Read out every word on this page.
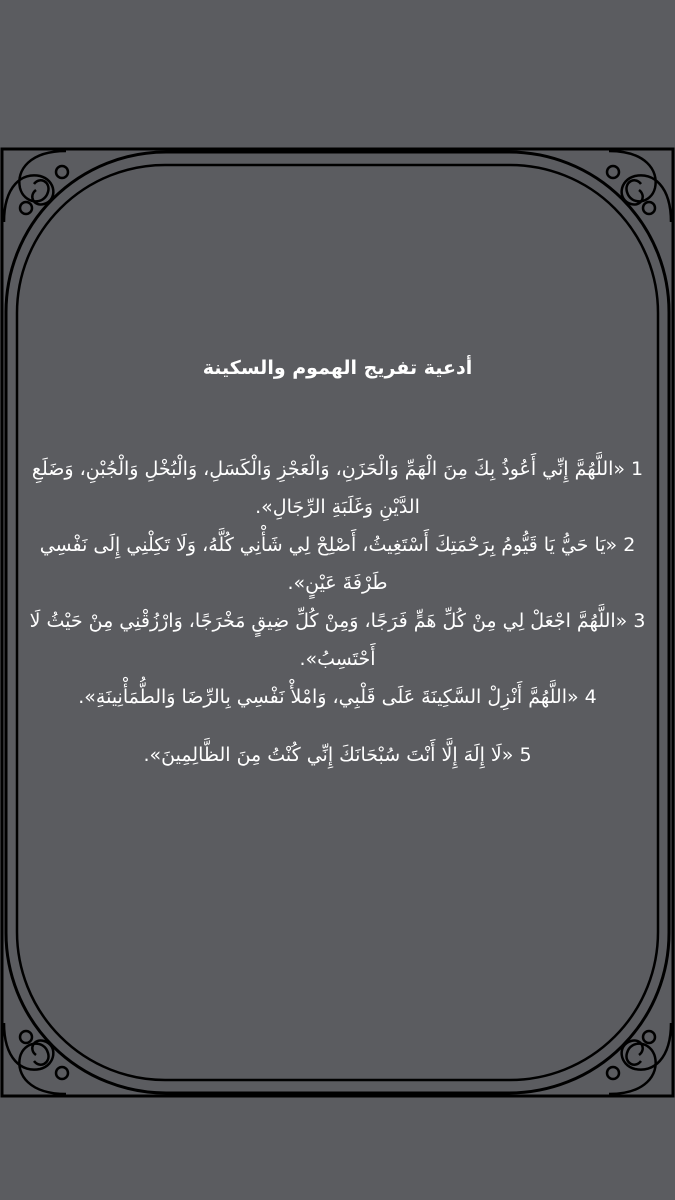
أدعية تفريج الهموم والسكينة

1 «اللَّهُمَّ إِنِّي أَعُوذُ بِكَ مِنَ الْهَمِّ وَالْحَزَنِ، وَالْعَجْزِ وَالْكَسَلِ، وَالْبُخْلِ وَالْجُبْنِ، وَضَلَعِ الدَّيْنِ وَغَلَبَةِ الرِّجَالِ».

2 «يَا حَيُّ يَا قَيُّومُ بِرَحْمَتِكَ أَسْتَغِيثُ، أَصْلِحْ لِي شَأْنِي كُلَّهُ، وَلَا تَكِلْنِي إِلَى نَفْسِي طَرْفَةَ عَيْنٍ».

3 «اللَّهُمَّ اجْعَلْ لِي مِنْ كُلِّ هَمٍّ فَرَجًا، وَمِنْ كُلِّ ضِيقٍ مَخْرَجًا، وَارْزُقْنِي مِنْ حَيْثُ لَا أَحْتَسِبُ».

4 «اللَّهُمَّ أَنْزِلْ السَّكِينَةَ عَلَى قَلْبِي، وَامْلأْ نَفْسِي بِالرِّضَا وَالطُّمَأْنِينَةِ».

5 «لَا إِلَهَ إِلَّا أَنْتَ سُبْحَانَكَ إِنِّي كُنْتُ مِنَ الظَّالِمِينَ».
